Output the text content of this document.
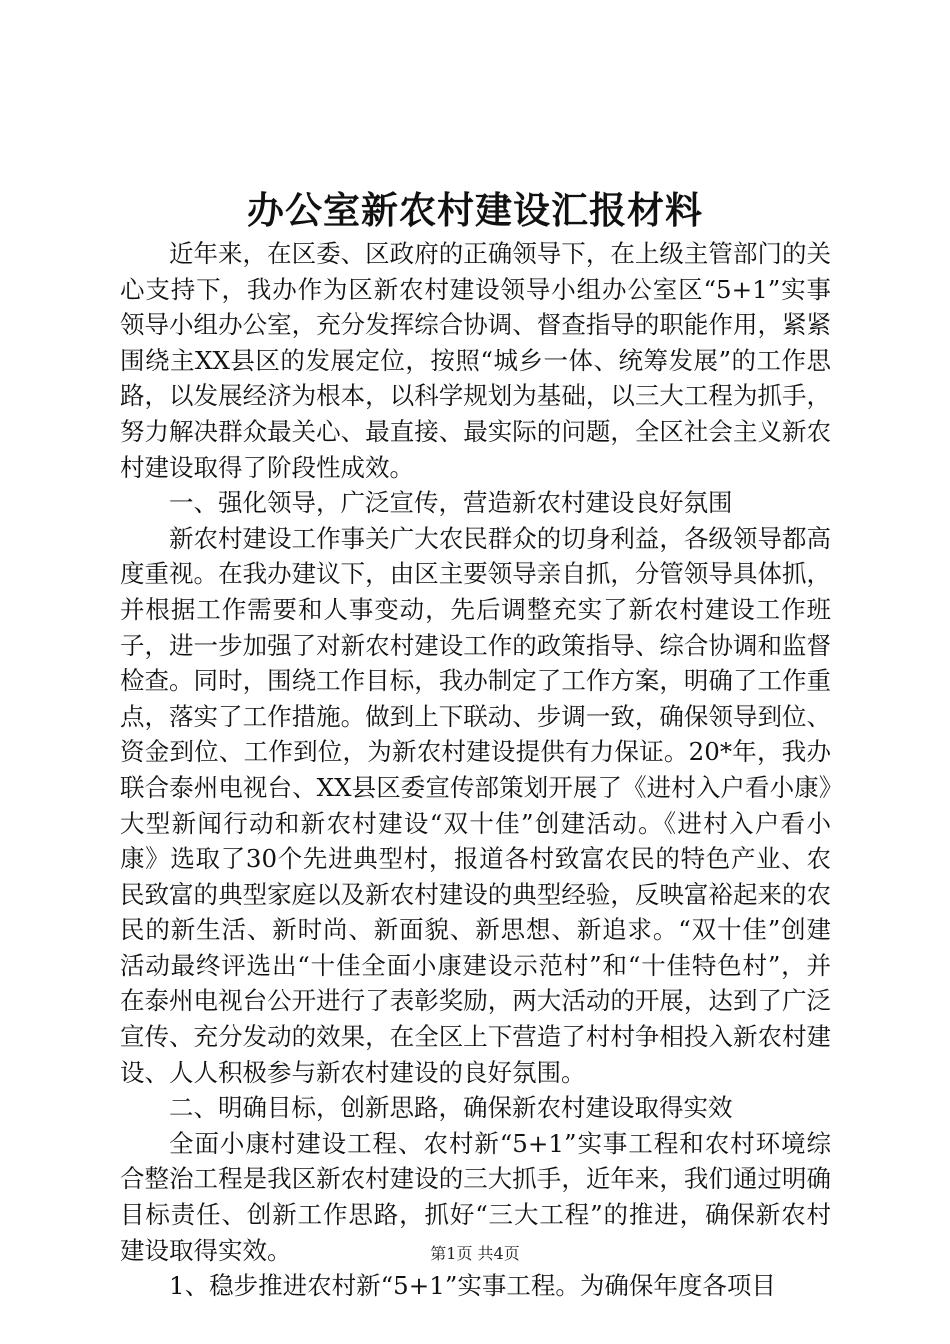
办公室新农村建设汇报材料

近年来，在区委、区政府的正确领导下，在上级主管部门的关心支持下，我办作为区新农村建设领导小组办公室区“5+1”实事领导小组办公室，充分发挥综合协调、督查指导的职能作用，紧紧围绕主XX县区的发展定位，按照“城乡一体、统筹发展”的工作思路，以发展经济为根本，以科学规划为基础，以三大工程为抓手，努力解决群众最关心、最直接、最实际的问题，全区社会主义新农村建设取得了阶段性成效。

一、强化领导，广泛宣传，营造新农村建设良好氛围

新农村建设工作事关广大农民群众的切身利益，各级领导都高度重视。在我办建议下，由区主要领导亲自抓，分管领导具体抓，并根据工作需要和人事变动，先后调整充实了新农村建设工作班子，进一步加强了对新农村建设工作的政策指导、综合协调和监督检查。同时，围绕工作目标，我办制定了工作方案，明确了工作重点，落实了工作措施。做到上下联动、步调一致，确保领导到位、资金到位、工作到位，为新农村建设提供有力保证。20*年，我办联合泰州电视台、XX县区委宣传部策划开展了《进村入户看小康》大型新闻行动和新农村建设“双十佳”创建活动。《进村入户看小康》选取了30个先进典型村，报道各村致富农民的特色产业、农民致富的典型家庭以及新农村建设的典型经验，反映富裕起来的农民的新生活、新时尚、新面貌、新思想、新追求。“双十佳”创建活动最终评选出“十佳全面小康建设示范村”和“十佳特色村”，并在泰州电视台公开进行了表彰奖励，两大活动的开展，达到了广泛宣传、充分发动的效果，在全区上下营造了村村争相投入新农村建设、人人积极参与新农村建设的良好氛围。

二、明确目标，创新思路，确保新农村建设取得实效

全面小康村建设工程、农村新“5+1”实事工程和农村环境综合整治工程是我区新农村建设的三大抓手，近年来，我们通过明确目标责任、创新工作思路，抓好“三大工程”的推进，确保新农村建设取得实效。

1、稳步推进农村新“5+1”实事工程。为确保年度各项目

第1页 共4页
